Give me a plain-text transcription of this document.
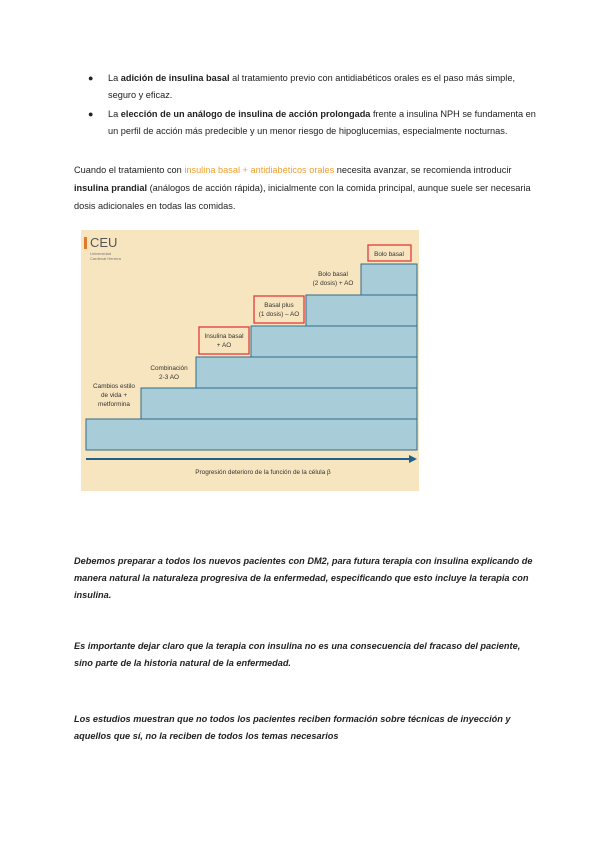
● La adición de insulina basal al tratamiento previo con antidiabéticos orales es el paso más simple, seguro y eficaz.
● La elección de un análogo de insulina de acción prolongada frente a insulina NPH se fundamenta en un perfil de acción más predecible y un menor riesgo de hipoglucemias, especialmente nocturnas.

Cuando el tratamiento con insulina basal + antidiabéticos orales necesita avanzar, se recomienda introducir insulina prandial (análogos de acción rápida), inicialmente con la comida principal, aunque suele ser necesaria dosis adicionales en todas las comidas.

CEU
Universidad
Cardenal Herrera
Cambios estilo
de vida +
metformina
Combinación
2-3 AO
Insulina basal
+ AO
Basal plus
(1 dosis) – AO
Bolo basal
(2 dosis) + AO
Bolo basal
Progresión deterioro de la función de la célula β

Debemos preparar a todos los nuevos pacientes con DM2, para futura terapia con insulina explicando de manera natural la naturaleza progresiva de la enfermedad, especificando que esto incluye la terapia con insulina.

Es importante dejar claro que la terapia con insulina no es una consecuencia del fracaso del paciente, sino parte de la historia natural de la enfermedad.

Los estudios muestran que no todos los pacientes reciben formación sobre técnicas de inyección y aquellos que sí, no la reciben de todos los temas necesarios
